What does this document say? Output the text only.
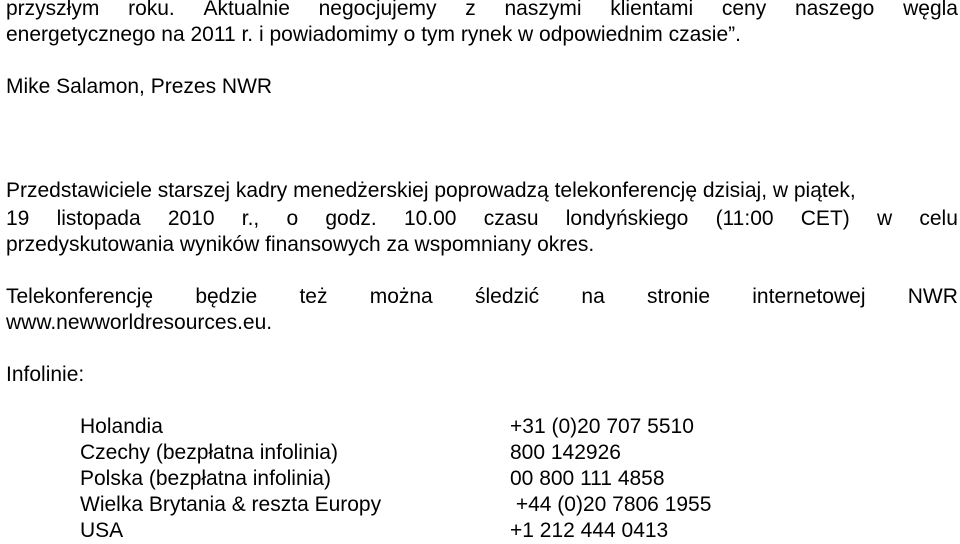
przyszłym roku. Aktualnie negocjujemy z naszymi klientami ceny naszego węgla
energetycznego na 2011 r. i powiadomimy o tym rynek w odpowiednim czasie”.
Mike Salamon, Prezes NWR
Przedstawiciele starszej kadry menedżerskiej poprowadzą telekonferencję dzisiaj, w piątek,
19 listopada 2010 r., o godz. 10.00 czasu londyńskiego (11:00 CET) w celu
przedyskutowania wyników finansowych za wspomniany okres.
Telekonferencję będzie też można śledzić na stronie internetowej NWR
www.newworldresources.eu.
Infolinie:
Holandia	+31 (0)20 707 5510
Czechy (bezpłatna infolinia)	800 142926
Polska (bezpłatna infolinia)	00 800 111 4858
Wielka Brytania & reszta Europy	+44 (0)20 7806 1955
USA	+1 212 444 0413
